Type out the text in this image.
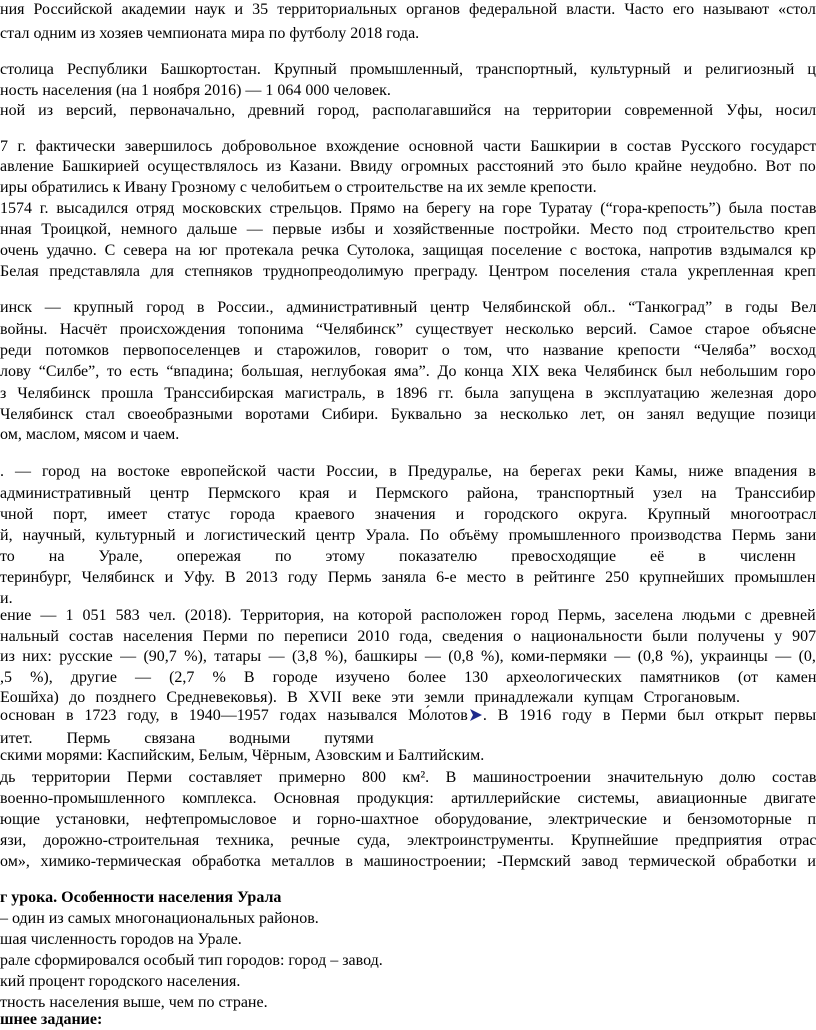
ния Российской академии наук и 35 территориальных органов федеральной власти. Часто его называют «стол
стал одним из хозяев чемпионата мира по футболу 2018 года.
столица Республики Башкортостан. Крупный промышленный, транспортный, культурный и религиозный ц
ность населения (на 1 ноября 2016) — 1 064 000 человек.
ной из версий, первоначально, древний город, располагавшийся на территории современной Уфы, носил
7 г. фактически завершилось добровольное вхождение основной части Башкирии в состав Русского государст
авление Башкирией осуществлялось из Казани. Ввиду огромных расстояний это было крайне неудобно. Вот по
иры обратились к Ивану Грозному с челобитьем о строительстве на их земле крепости.
1574 г. высадился отряд московских стрельцов. Прямо на берегу на горе Туратау (“гора-крепость”) была постав
нная Троицкой, немного дальше — первые избы и хозяйственные постройки. Место под строительство креп
очень удачно. С севера на юг протекала речка Сутолока, защищая поселение с востока, напротив вздымался кр
Белая представляла для степняков труднопреодолимую преграду. Центром поселения стала укрепленная креп
инск — крупный город в России., административный центр Челябинской обл.. “Танкоград” в годы Вел
войны. Насчёт происхождения топонима “Челябинск” существует несколько версий. Самое старое объясне
реди потомков первопоселенцев и старожилов, говорит о том, что название крепости “Челяба” восход
лову “Силбе”, то есть “впадина; большая, неглубокая яма”. До конца XIX века Челябинск был небольшим горо
з Челябинск прошла Транссибирская магистраль, в 1896 гг. была запущена в эксплуатацию железная доро
Челябинск стал своеобразными воротами Сибири. Буквально за несколько лет, он занял ведущие позици
ом, маслом, мясом и чаем.
. — город на востоке европейской части России, в Предуралье, на берегах реки Камы, ниже впадения в
административный центр Пермского края и Пермского района, транспортный узел на Транссибир
чной порт, имеет статус города краевого значения и городского округа. Крупный многоотрасл
й, научный, культурный и логистический центр Урала. По объёму промышленного производства Пермь зани
то на Урале, опережая по этому показателю превосходящие её в численн
теринбург, Челябинск и Уфу. В 2013 году Пермь заняла 6-е место в рейтинге 250 крупнейших промышлен
и.
ение — 1 051 583 чел. (2018). Территория, на которой расположен город Пермь, заселена людьми с древней
нальный состав населения Перми по переписи 2010 года, сведения о национальности были получены у 907
из них: русские — (90,7 %), татары — (3,8 %), башкиры — (0,8 %), коми-пермяки — (0,8 %), украинцы — (0,
,5 %), другие — (2,7 % В городе изучено более 130 археологических памятников (от камен
Еошйха) до позднего Средневековья). В XVII веке эти земли принадлежали купцам Строгановым.
основан в 1723 году, в 1940—1957 годах назывался Мо́лотов . В 1916 году в Перми был открыт первы
итет. Пермь связана водными путями
скими морями: Каспийским, Белым, Чёрным, Азовским и Балтийским.
дь территории Перми составляет примерно 800 км². В машиностроении значительную долю состав
военно-промышленного комплекса. Основная продукция: артиллерийские системы, авиационные двигате
ющие установки, нефтепромысловое и горно-шахтное оборудование, электрические и бензомоторные п
язи, дорожно-строительная техника, речные суда, электроинструменты. Крупнейшие предприятия отрас
ом», химико-термическая обработка металлов в машиностроении; -Пермский завод термической обработки и
г урока. Особенности населения Урала
– один из самых многонациональных районов.
шая численность городов на Урале.
рале сформировался особый тип городов: город – завод.
кий процент городского населения.
тность населения выше, чем по стране.
шнее задание:
